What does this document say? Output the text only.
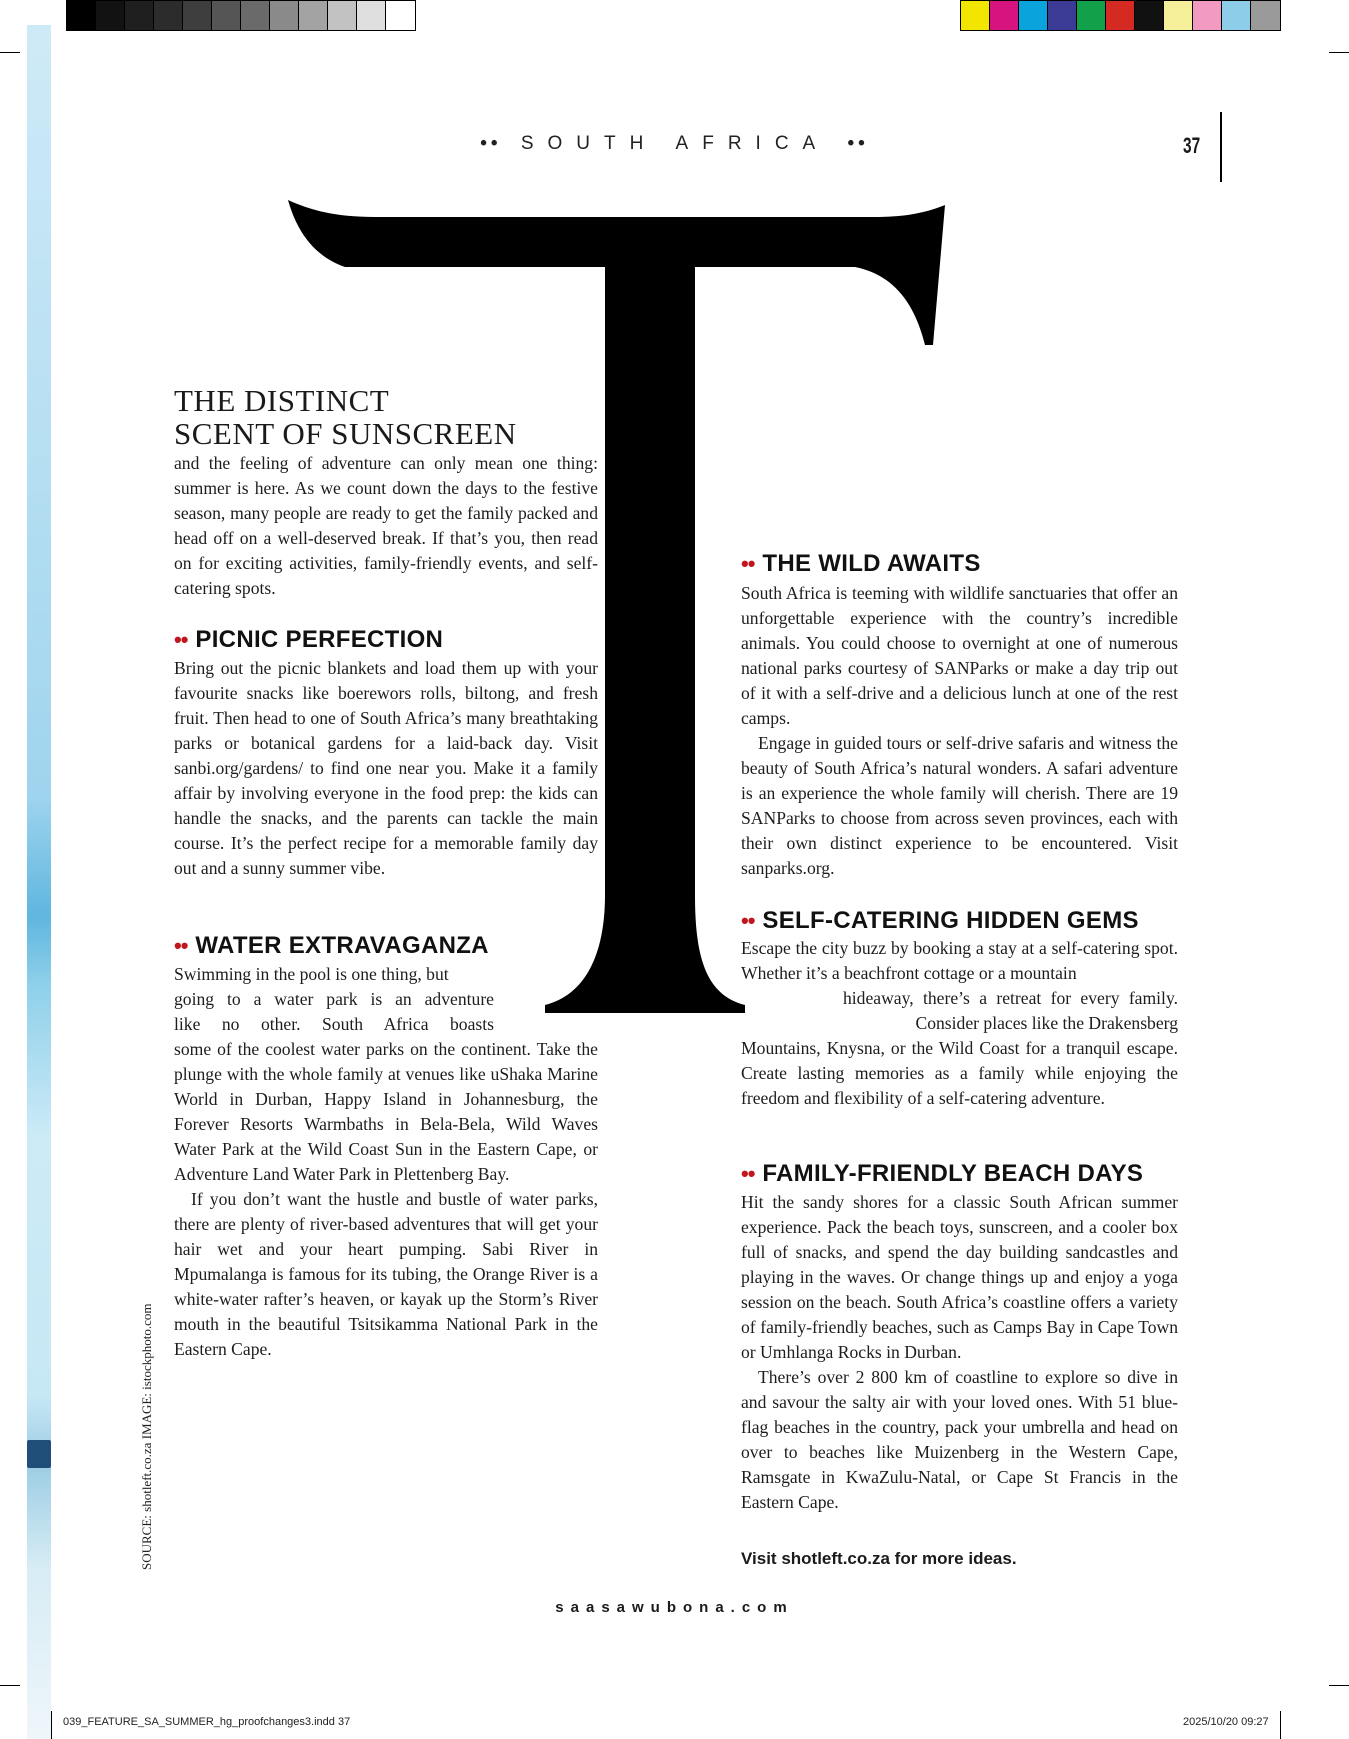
•• SOUTH AFRICA ••	37
T
THE DISTINCT
SCENT OF SUNSCREEN

and the feeling of adventure can only mean one thing: summer is here. As we count down the days to the festive season, many people are ready to get the family packed and head off on a well-deserved break. If that’s you, then read on for exciting activities, family-friendly events, and self-catering spots.

•• PICNIC PERFECTION

Bring out the picnic blankets and load them up with your favourite snacks like boerewors rolls, biltong, and fresh fruit. Then head to one of South Africa’s many breathtaking parks or botanical gardens for a laid-back day. Visit sanbi.org/gardens/ to find one near you. Make it a family affair by involving everyone in the food prep: the kids can handle the snacks, and the parents can tackle the main course. It’s the perfect recipe for a memorable family day out and a sunny summer vibe.

•• WATER EXTRAVAGANZA

Swimming in the pool is one thing, but

going to a water park is an adventure

like no other. South Africa boasts

some of the coolest water parks on the continent. Take the plunge with the whole family at venues like uShaka Marine World in Durban, Happy Island in Johannesburg, the Forever Resorts Warmbaths in Bela-Bela, Wild Waves Water Park at the Wild Coast Sun in the Eastern Cape, or Adventure Land Water Park in Plettenberg Bay.

If you don’t want the hustle and bustle of water parks, there are plenty of river-based adventures that will get your hair wet and your heart pumping. Sabi River in Mpumalanga is famous for its tubing, the Orange River is a white-water rafter’s heaven, or kayak up the Storm’s River mouth in the beautiful Tsitsikamma National Park in the Eastern Cape.

•• THE WILD AWAITS

South Africa is teeming with wildlife sanctuaries that offer an unforgettable experience with the country’s incredible animals. You could choose to overnight at one of numerous national parks courtesy of SANParks or make a day trip out of it with a self-drive and a delicious lunch at one of the rest camps.

Engage in guided tours or self-drive safaris and witness the beauty of South Africa’s natural wonders. A safari adventure is an experience the whole family will cherish. There are 19 SANParks to choose from across seven provinces, each with their own distinct experience to be encountered. Visit sanparks.org.

•• SELF-CATERING HIDDEN GEMS

Escape the city buzz by booking a stay at a self-catering spot. Whether it’s a beachfront cottage or a mountain

hideaway, there’s a retreat for every family.

Consider places like the Drakensberg

Mountains, Knysna, or the Wild Coast for a tranquil escape. Create lasting memories as a family while enjoying the freedom and flexibility of a self-catering adventure.

•• FAMILY-FRIENDLY BEACH DAYS

Hit the sandy shores for a classic South African summer experience. Pack the beach toys, sunscreen, and a cooler box full of snacks, and spend the day building sandcastles and playing in the waves. Or change things up and enjoy a yoga session on the beach. South Africa’s coastline offers a variety of family-friendly beaches, such as Camps Bay in Cape Town or Umhlanga Rocks in Durban.

There’s over 2 800 km of coastline to explore so dive in and savour the salty air with your loved ones. With 51 blue-flag beaches in the country, pack your umbrella and head on over to beaches like Muizenberg in the Western Cape, Ramsgate in KwaZulu-Natal, or Cape St Francis in the Eastern Cape.

Visit shotleft.co.za for more ideas.
saasawubona.com
SOURCE: shotleft.co.za IMAGE: istockphoto.com
039_FEATURE_SA_SUMMER_hg_proofchanges3.indd 37	2025/10/20 09:27
